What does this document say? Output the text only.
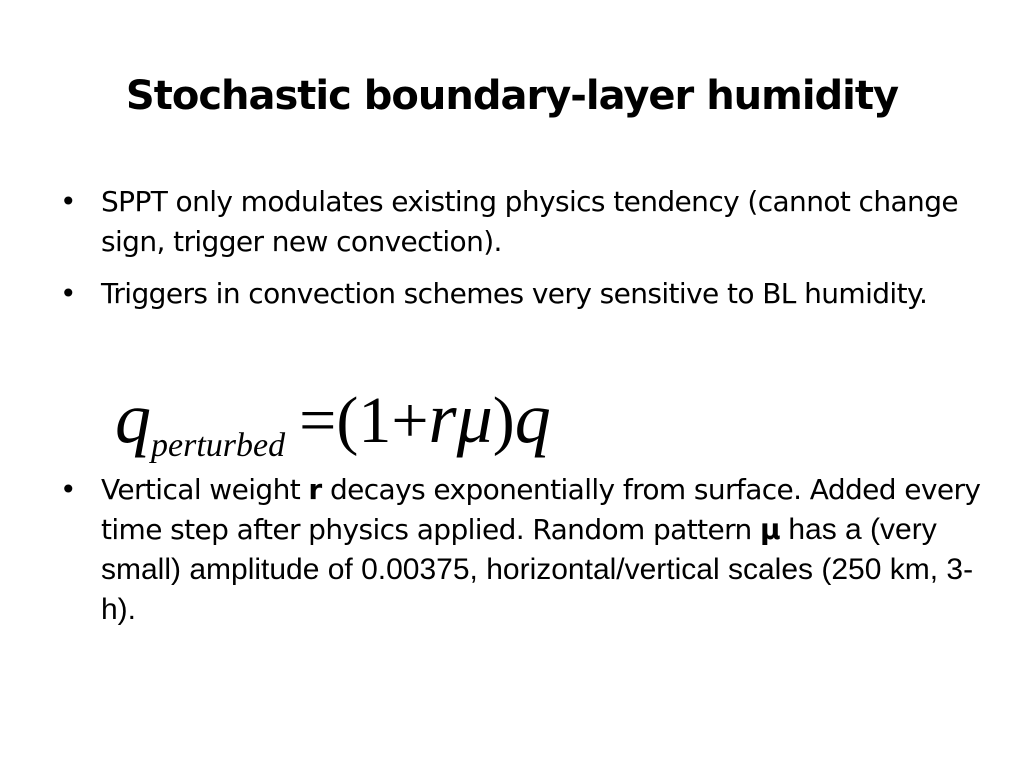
Stochastic boundary-layer humidity
• SPPT only modulates existing physics tendency (cannot change sign, trigger new convection).
• Triggers in convection schemes very sensitive to BL humidity.
qperturbed =(1+rμ)q
• Vertical weight r decays exponentially from surface. Added every time step after physics applied. Random pattern μ has a (very small) amplitude of 0.00375, horizontal/vertical scales (250 km, 3-h).
